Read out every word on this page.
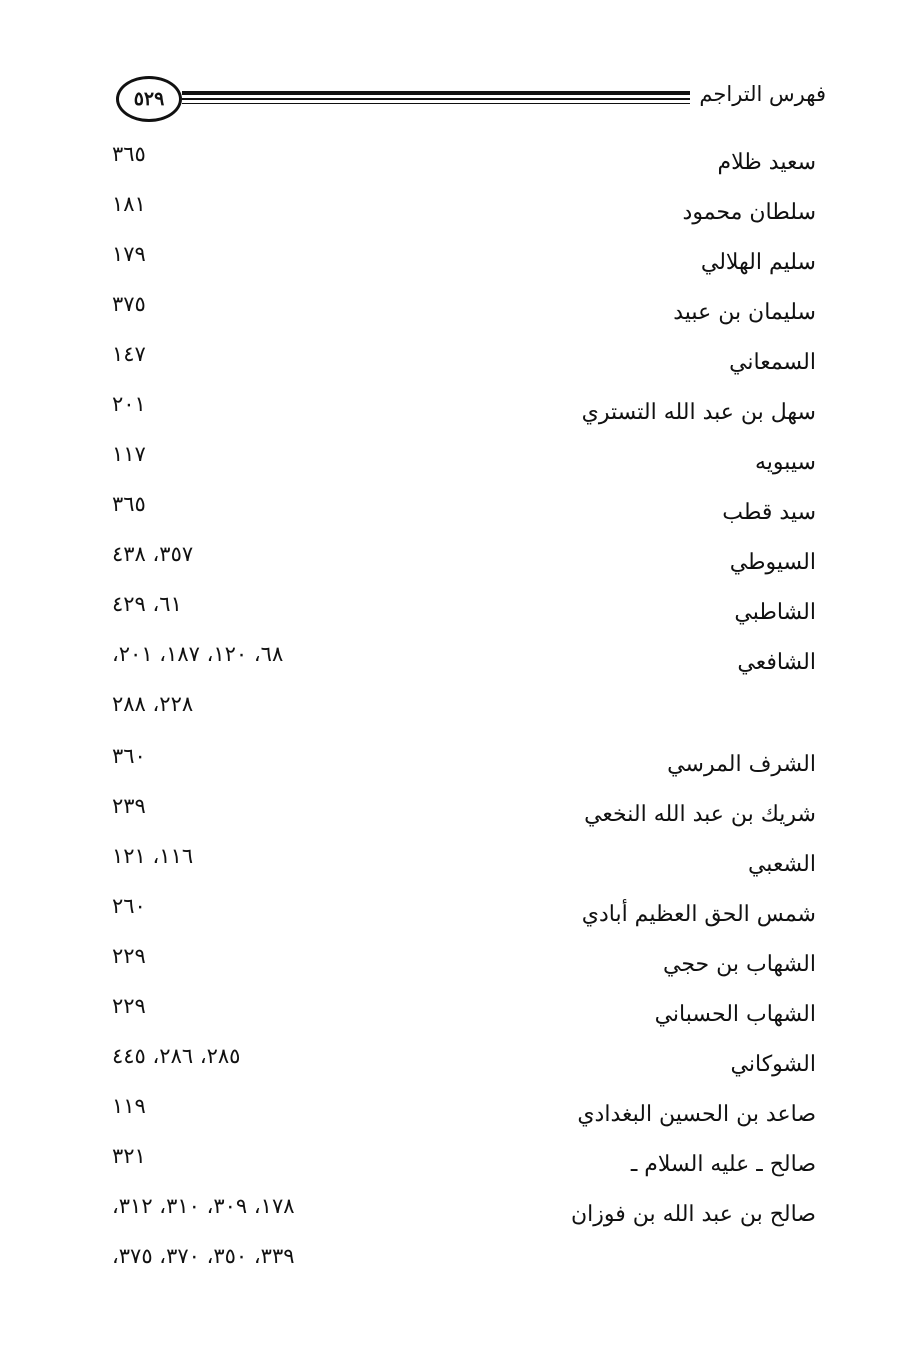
٥٢٩	فهرس التراجم
سعيد ظلام
٣٦٥
سلطان محمود
١٨١
سليم الهلالي
١٧٩
سليمان بن عبيد
٣٧٥
السمعاني
١٤٧
سهل بن عبد الله التستري
٢٠١
سيبويه
١١٧
سيد قطب
٣٦٥
السيوطي
٣٥٧، ٤٣٨
الشاطبي
٦١، ٤٢٩
الشافعي
٦٨، ١٢٠، ١٨٧، ٢٠١،
٢٢٨، ٢٨٨
الشرف المرسي
٣٦٠
شريك بن عبد الله النخعي
٢٣٩
الشعبي
١١٦، ١٢١
شمس الحق العظيم أبادي
٢٦٠
الشهاب بن حجي
٢٢٩
الشهاب الحسباني
٢٢٩
الشوكاني
٢٨٥، ٢٨٦، ٤٤٥
صاعد بن الحسين البغدادي
١١٩
صالح ـ عليه السلام ـ
٣٢١
صالح بن عبد الله بن فوزان
١٧٨، ٣٠٩، ٣١٠، ٣١٢،
٣٣٩، ٣٥٠، ٣٧٠، ٣٧٥،
